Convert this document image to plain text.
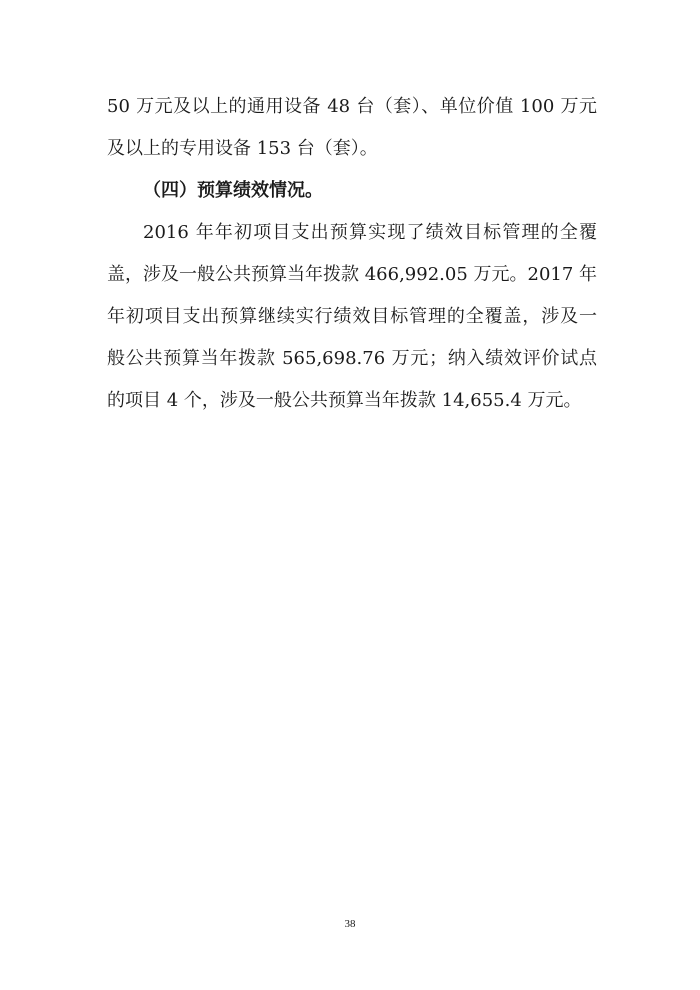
50 万元及以上的通用设备 48 台（套）、单位价值 100 万元
及以上的专用设备 153 台（套）。
（四）预算绩效情况。
2016 年年初项目支出预算实现了绩效目标管理的全覆
盖，涉及一般公共预算当年拨款 466,992.05 万元。2017 年
年初项目支出预算继续实行绩效目标管理的全覆盖，涉及一
般公共预算当年拨款 565,698.76 万元；纳入绩效评价试点
的项目 4 个，涉及一般公共预算当年拨款 14,655.4 万元。
38
